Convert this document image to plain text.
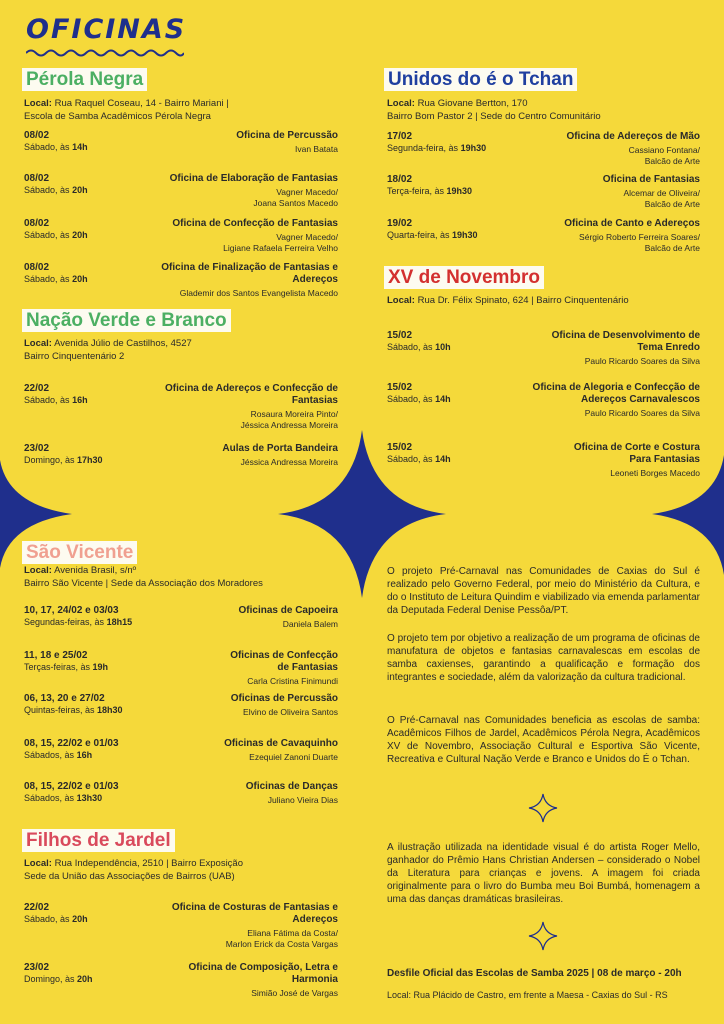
OFICINAS
Pérola Negra
Local: Rua Raquel Coseau, 14 - Bairro Mariani |
Escola de Samba Acadêmicos Pérola Negra
08/02
Sábado, às 14h
Oficina de Percussão
Ivan Batata
08/02
Sábado, às 20h
Oficina de Elaboração de Fantasias
Vagner Macedo/
Joana Santos Macedo
08/02
Sábado, às 20h
Oficina de Confecção de Fantasias
Vagner Macedo/
Ligiane Rafaela Ferreira Velho
08/02
Sábado, às 20h
Oficina de Finalização de Fantasias e
Adereços
Glademir dos Santos Evangelista Macedo
Nação Verde e Branco
Local: Avenida Júlio de Castilhos, 4527
Bairro Cinquentenário 2
22/02
Sábado, às 16h
Oficina de Adereços e Confecção de
Fantasias
Rosaura Moreira Pinto/
Jéssica Andressa Moreira
23/02
Domingo, às 17h30
Aulas de Porta Bandeira
Jéssica Andressa Moreira
São Vicente
Local: Avenida Brasil, s/nº
Bairro São Vicente | Sede da Associação dos Moradores
10, 17, 24/02 e 03/03
Segundas-feiras, às 18h15
Oficinas de Capoeira
Daniela Balem
11, 18 e 25/02
Terças-feiras, às 19h
Oficinas de Confecção
de Fantasias
Carla Cristina Finimundi
06, 13, 20 e 27/02
Quintas-feiras, às 18h30
Oficinas de Percussão
Elvino de Oliveira Santos
08, 15, 22/02 e 01/03
Sábados, às 16h
Oficinas de Cavaquinho
Ezequiel Zanoni Duarte
08, 15, 22/02 e 01/03
Sábados, às 13h30
Oficinas de Danças
Juliano Vieira Dias
Filhos de Jardel
Local: Rua Independência, 2510 | Bairro Exposição
Sede da União das Associações de Bairros (UAB)
22/02
Sábado, às 20h
Oficina de Costuras de Fantasias e
Adereços
Eliana Fátima da Costa/
Marlon Erick da Costa Vargas
23/02
Domingo, às 20h
Oficina de Composição, Letra e
Harmonia
Simião José de Vargas
Unidos do é o Tchan
Local: Rua Giovane Bertton, 170
Bairro Bom Pastor 2 | Sede do Centro Comunitário
17/02
Segunda-feira, às 19h30
Oficina de Adereços de Mão
Cassiano Fontana/
Balcão de Arte
18/02
Terça-feira, às 19h30
Oficina de Fantasias
Alcemar de Oliveira/
Balcão de Arte
19/02
Quarta-feira, às 19h30
Oficina de Canto e Adereços
Sérgio Roberto Ferreira Soares/
Balcão de Arte
XV de Novembro
Local: Rua Dr. Félix Spinato, 624 | Bairro Cinquentenário
15/02
Sábado, às 10h
Oficina de Desenvolvimento de
Tema Enredo
Paulo Ricardo Soares da Silva
15/02
Sábado, às 14h
Oficina de Alegoria e Confecção de
Adereços Carnavalescos
Paulo Ricardo Soares da Silva
15/02
Sábado, às 14h
Oficina de Corte e Costura
Para Fantasias
Leoneti Borges Macedo
O projeto Pré-Carnaval nas Comunidades de Caxias do Sul é realizado pelo Governo Federal, por meio do Ministério da Cultura, e do o Instituto de Leitura Quindim e viabilizado via emenda parlamentar da Deputada Federal Denise Pessôa/PT.
O projeto tem por objetivo a realização de um programa de oficinas de manufatura de objetos e fantasias carnavalescas em escolas de samba caxienses, garantindo a qualificação e formação dos integrantes e sociedade, além da valorização da cultura tradicional.
O Pré-Carnaval nas Comunidades beneficia as escolas de samba: Acadêmicos Filhos de Jardel, Acadêmicos Pérola Negra, Acadêmicos XV de Novembro, Associação Cultural e Esportiva São Vicente, Recreativa e Cultural Nação Verde e Branco e Unidos do É o Tchan.
A ilustração utilizada na identidade visual é do artista Roger Mello, ganhador do Prêmio Hans Christian Andersen – considerado o Nobel da Literatura para crianças e jovens. A imagem foi criada originalmente para o livro do Bumba meu Boi Bumbá, homenagem a uma das danças dramáticas brasileiras.
Desfile Oficial das Escolas de Samba 2025 | 08 de março - 20h
Local: Rua Plácido de Castro, em frente a Maesa - Caxias do Sul - RS
